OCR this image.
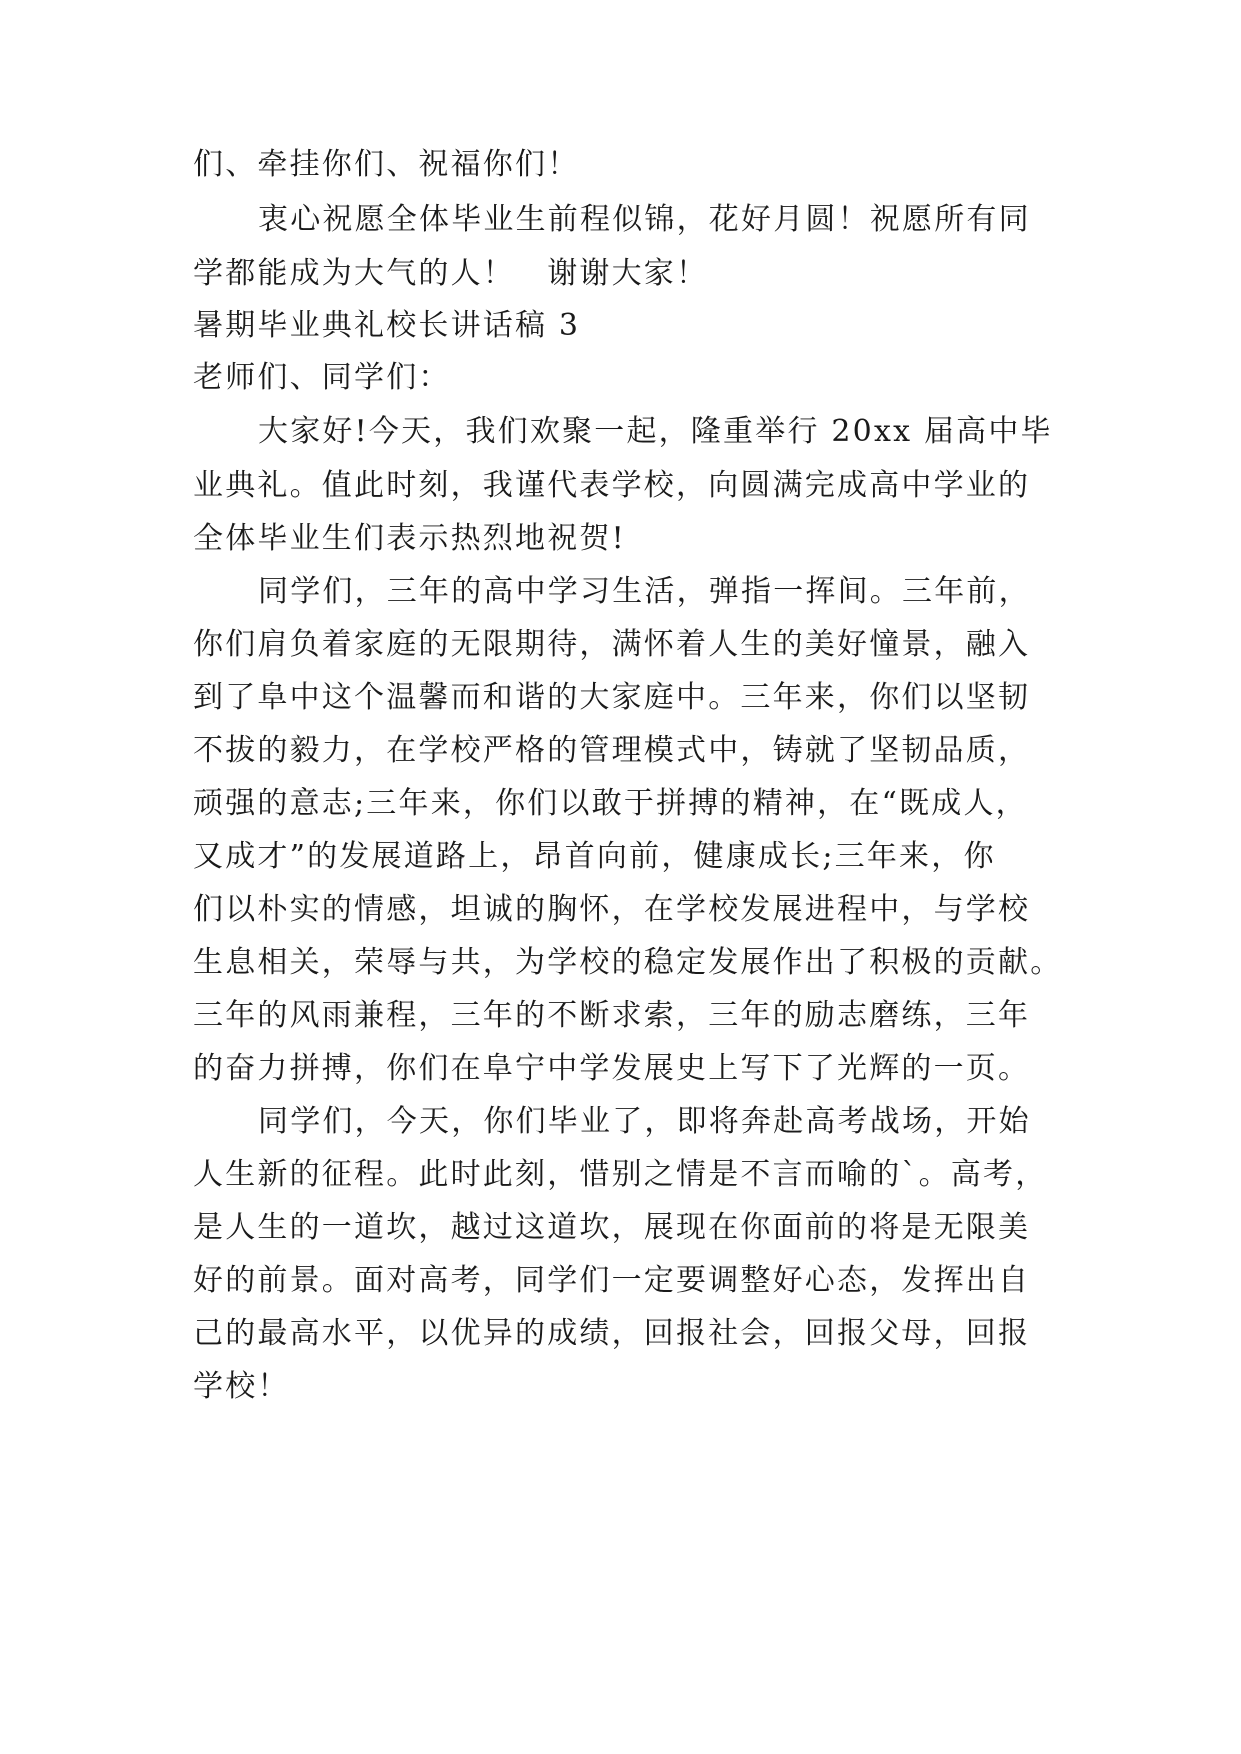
们、牵挂你们、祝福你们！
衷心祝愿全体毕业生前程似锦，花好月圆！祝愿所有同
学都能成为大气的人！　谢谢大家！
暑期毕业典礼校长讲话稿 3
老师们、同学们：
大家好!今天，我们欢聚一起，隆重举行 20xx 届高中毕
业典礼。值此时刻，我谨代表学校，向圆满完成高中学业的
全体毕业生们表示热烈地祝贺!
同学们，三年的高中学习生活，弹指一挥间。三年前，
你们肩负着家庭的无限期待，满怀着人生的美好憧景，融入
到了阜中这个温馨而和谐的大家庭中。三年来，你们以坚韧
不拔的毅力，在学校严格的管理模式中，铸就了坚韧品质，
顽强的意志;三年来，你们以敢于拼搏的精神，在“既成人，
又成才”的发展道路上，昂首向前，健康成长;三年来，你
们以朴实的情感，坦诚的胸怀，在学校发展进程中，与学校
生息相关，荣辱与共，为学校的稳定发展作出了积极的贡献。
三年的风雨兼程，三年的不断求索，三年的励志磨练，三年
的奋力拼搏，你们在阜宁中学发展史上写下了光辉的一页。
同学们，今天，你们毕业了，即将奔赴高考战场，开始
人生新的征程。此时此刻，惜别之情是不言而喻的`。高考，
是人生的一道坎，越过这道坎，展现在你面前的将是无限美
好的前景。面对高考，同学们一定要调整好心态，发挥出自
己的最高水平，以优异的成绩，回报社会，回报父母，回报
学校！
